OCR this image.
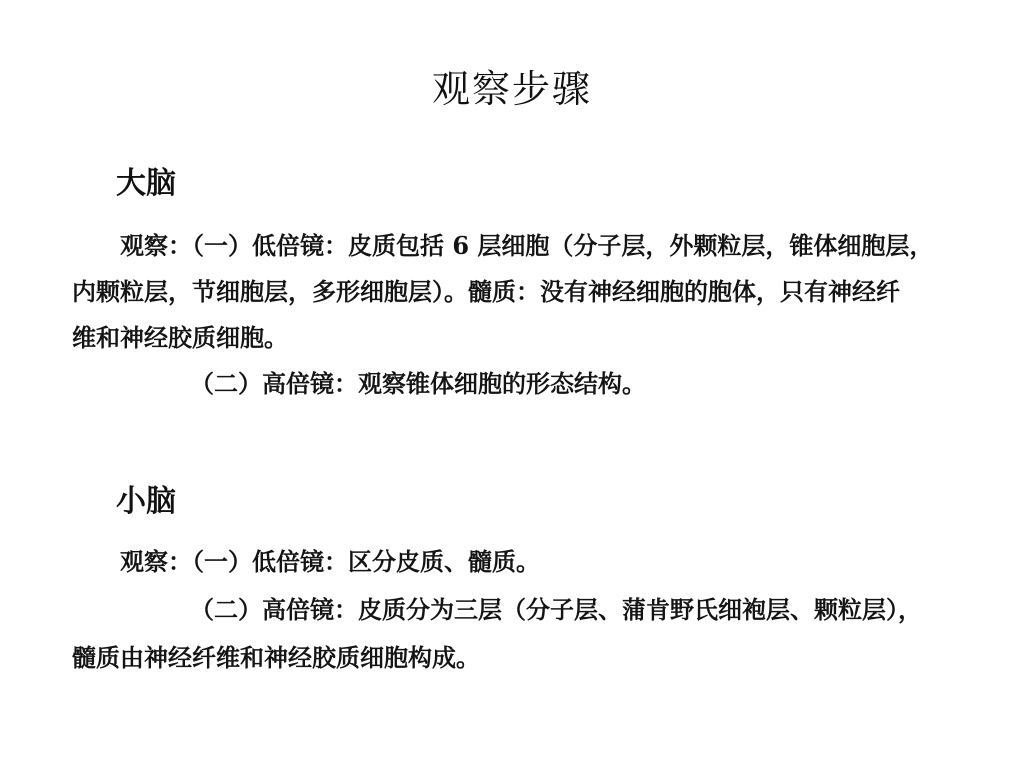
观察步骤
大脑
观察：（一）低倍镜：皮质包括 6 层细胞（分子层，外颗粒层，锥体细胞层，
内颗粒层，节细胞层，多形细胞层）。髓质：没有神经细胞的胞体，只有神经纤
维和神经胶质细胞。
（二）高倍镜：观察锥体细胞的形态结构。
小脑
观察：（一）低倍镜：区分皮质、髓质。
（二）高倍镜：皮质分为三层（分子层、蒲肯野氏细袍层、颗粒层），
髓质由神经纤维和神经胶质细胞构成。
